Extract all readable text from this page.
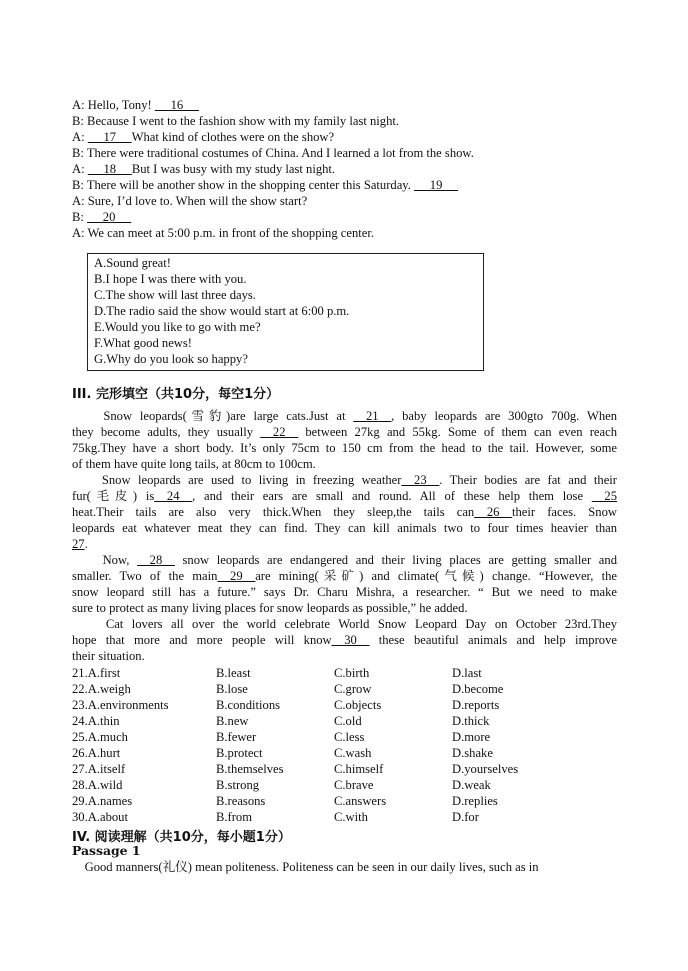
A: Hello, Tony!      16
B: Because I went to the fashion show with my family last night.
A:      17     What kind of clothes were on the show?
B: There were traditional costumes of China. And I learned a lot from the show.
A:      18     But I was busy with my study last night.
B: There will be another show in the shopping center this Saturday.      19
A: Sure, I’d love to. When will the show start?
B:      20
A: We can meet at 5:00 p.m. in front of the shopping center.
A.Sound great!
B.I hope I was there with you.
C.The show will last three days.
D.The radio said the show would start at 6:00 p.m.
E.Would you like to go with me?
F.What good news!
G.Why do you look so happy?
III. 完形填空（共10分，每空1分）
Snow leopards(雪豹)are large cats.Just at __21__, baby leopards are 300gto 700g. When
they become adults, they usually __22__ between 27kg and 55kg. Some of them can even reach
75kg.They have a short body. It’s only 75cm to 150 cm from the head to the tail. However, some
of them have quite long tails, at 80cm to 100cm.
Snow leopards are used to living in freezing weather__23__. Their bodies are fat and their
fur(毛皮) is__24__, and their ears are small and round. All of these help them lose __25
heat.Their tails are also very thick.When they sleep,the tails can__26__their faces. Snow
leopards eat whatever meat they can find. They can kill animals two to four times heavier than
27.
Now, __28__ snow leopards are endangered and their living places are getting smaller and
smaller. Two of the main__29__are mining(采矿) and climate(气候) change. “However, the
snow leopard still has a future.” says Dr. Charu Mishra, a researcher. “ But we need to make
sure to protect as many living places for snow leopards as possible,” he added.
Cat lovers all over the world celebrate World Snow Leopard Day on October 23rd.They
hope that more and more people will know__30__ these beautiful animals and help improve
their situation.
21.A.first	B.least	C.birth	D.last
22.A.weigh	B.lose	C.grow	D.become
23.A.environments	B.conditions	C.objects	D.reports
24.A.thin	B.new	C.old	D.thick
25.A.much	B.fewer	C.less	D.more
26.A.hurt	B.protect	C.wash	D.shake
27.A.itself	B.themselves	C.himself	D.yourselves
28.A.wild	B.strong	C.brave	D.weak
29.A.names	B.reasons	C.answers	D.replies
30.A.about	B.from	C.with	D.for
IV. 阅读理解（共10分，每小题1分）
Passage 1
Good manners(礼仪) mean politeness. Politeness can be seen in our daily lives, such as in
